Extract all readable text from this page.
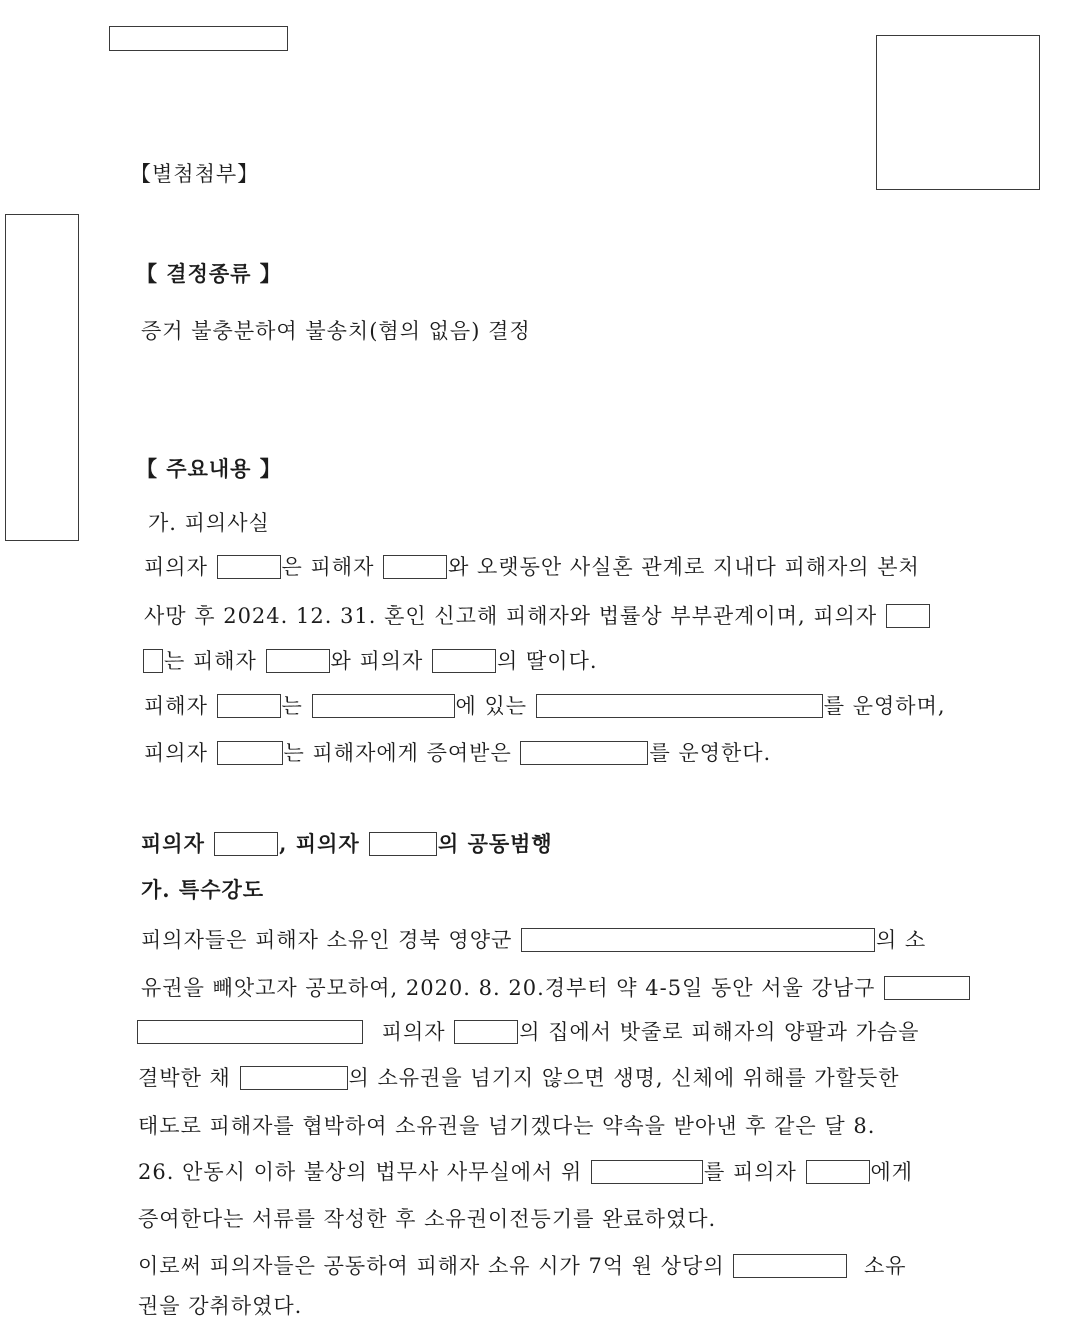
【별첨첨부】
【 결정종류 】
증거 불충분하여 불송치(혐의 없음) 결정
【 주요내용 】
가. 피의사실
피의자	은 피해자	와 오랫동안 사실혼 관계로 지내다 피해자의 본처
사망 후 2024. 12. 31. 혼인 신고해 피해자와 법률상 부부관계이며, 피의자
는 피해자	와 피의자	의 딸이다.
피해자	는	에 있는	를 운영하며,
피의자	는 피해자에게 증여받은	를 운영한다.
피의자	, 피의자	의 공동범행
가. 특수강도
피의자들은 피해자 소유인 경북 영양군	의 소
유권을 빼앗고자 공모하여, 2020. 8. 20.경부터 약 4-5일 동안 서울 강남구
피의자	의 집에서 밧줄로 피해자의 양팔과 가슴을
결박한 채	의 소유권을 넘기지 않으면 생명, 신체에 위해를 가할듯한
태도로 피해자를 협박하여 소유권을 넘기겠다는 약속을 받아낸 후 같은 달 8.
26. 안동시 이하 불상의 법무사 사무실에서 위	를 피의자	에게
증여한다는 서류를 작성한 후 소유권이전등기를 완료하였다.
이로써 피의자들은 공동하여 피해자 소유 시가 7억 원 상당의	소유
권을 강취하였다.
